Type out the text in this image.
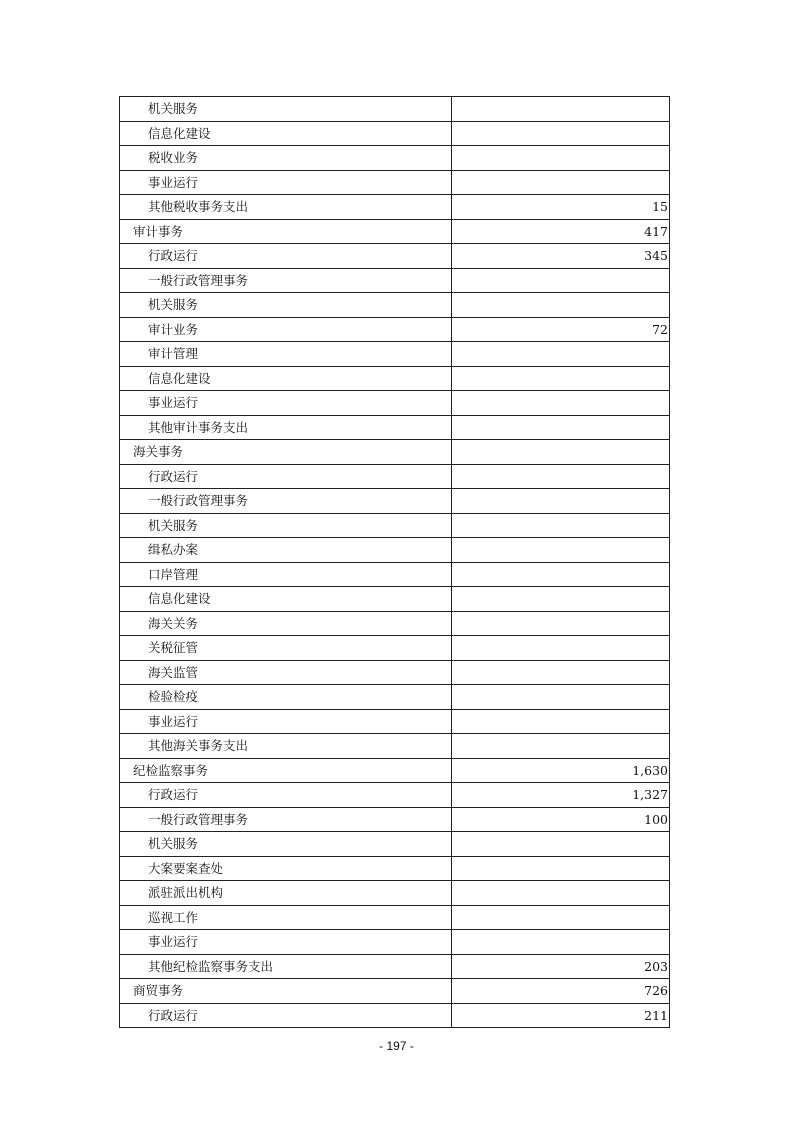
机关服务	
信息化建设	
税收业务	
事业运行	
其他税收事务支出	15
审计事务	417
行政运行	345
一般行政管理事务	
机关服务	
审计业务	72
审计管理	
信息化建设	
事业运行	
其他审计事务支出	
海关事务	
行政运行	
一般行政管理事务	
机关服务	
缉私办案	
口岸管理	
信息化建设	
海关关务	
关税征管	
海关监管	
检验检疫	
事业运行	
其他海关事务支出	
纪检监察事务	1,630
行政运行	1,327
一般行政管理事务	100
机关服务	
大案要案查处	
派驻派出机构	
巡视工作	
事业运行	
其他纪检监察事务支出	203
商贸事务	726
行政运行	211
- 197 -
